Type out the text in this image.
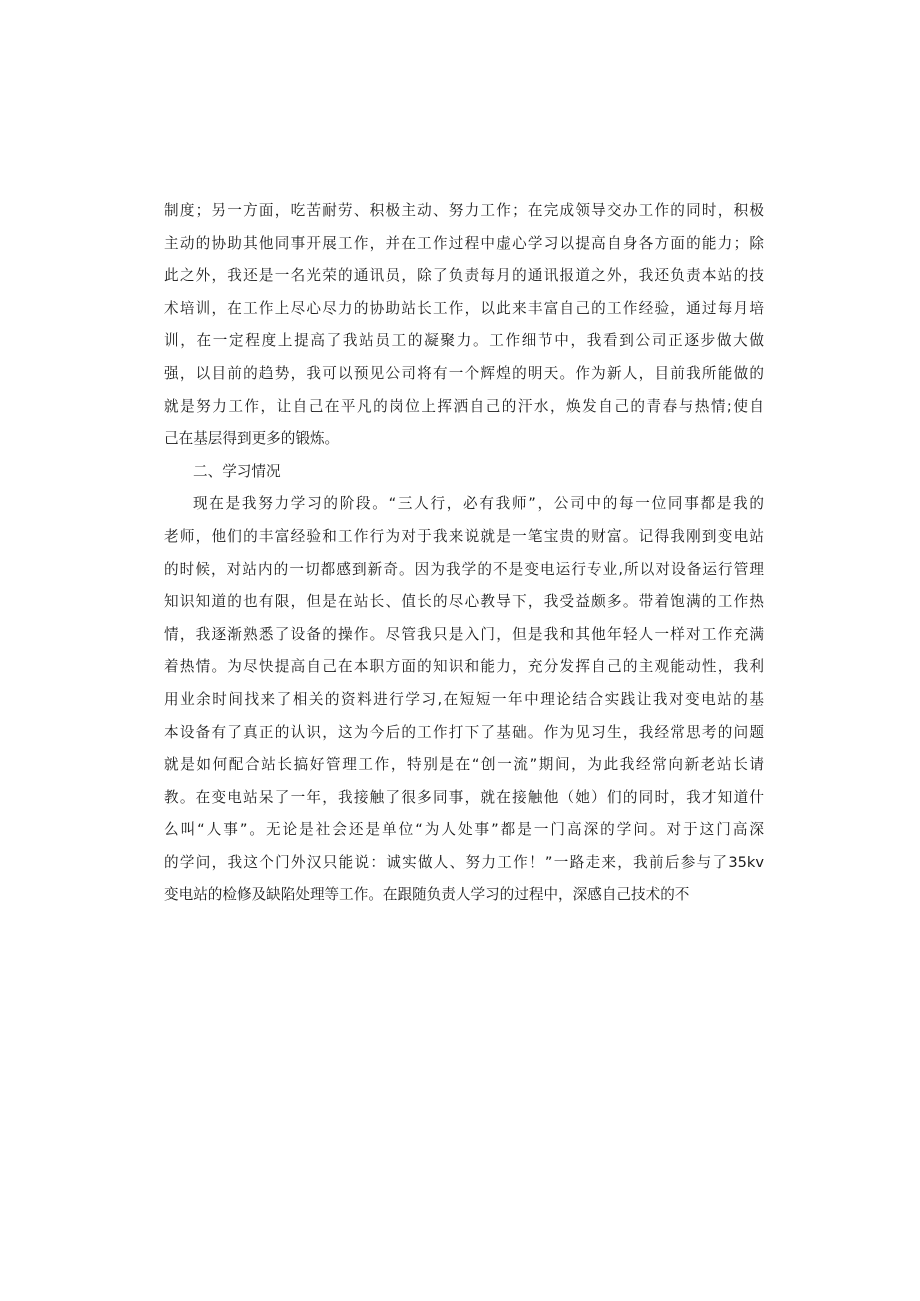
制度；另一方面，吃苦耐劳、积极主动、努力工作；在完成领导交办工作的同时，积极
主动的协助其他同事开展工作，并在工作过程中虚心学习以提高自身各方面的能力；除
此之外，我还是一名光荣的通讯员，除了负责每月的通讯报道之外，我还负责本站的技
术培训，在工作上尽心尽力的协助站长工作，以此来丰富自己的工作经验，通过每月培
训，在一定程度上提高了我站员工的凝聚力。工作细节中，我看到公司正逐步做大做
强，以目前的趋势，我可以预见公司将有一个辉煌的明天。作为新人，目前我所能做的
就是努力工作，让自己在平凡的岗位上挥洒自己的汗水，焕发自己的青春与热情;使自
己在基层得到更多的锻炼。
二、学习情况
现在是我努力学习的阶段。“三人行，必有我师”，公司中的每一位同事都是我的
老师，他们的丰富经验和工作行为对于我来说就是一笔宝贵的财富。记得我刚到变电站
的时候，对站内的一切都感到新奇。因为我学的不是变电运行专业,所以对设备运行管理
知识知道的也有限，但是在站长、值长的尽心教导下，我受益颇多。带着饱满的工作热
情，我逐渐熟悉了设备的操作。尽管我只是入门，但是我和其他年轻人一样对工作充满
着热情。为尽快提高自己在本职方面的知识和能力，充分发挥自己的主观能动性，我利
用业余时间找来了相关的资料进行学习,在短短一年中理论结合实践让我对变电站的基
本设备有了真正的认识，这为今后的工作打下了基础。作为见习生，我经常思考的问题
就是如何配合站长搞好管理工作，特别是在“创一流”期间，为此我经常向新老站长请
教。在变电站呆了一年，我接触了很多同事，就在接触他（她）们的同时，我才知道什
么叫“人事”。无论是社会还是单位“为人处事”都是一门高深的学问。对于这门高深
的学问，我这个门外汉只能说：诚实做人、努力工作！”一路走来，我前后参与了35kv
变电站的检修及缺陷处理等工作。在跟随负责人学习的过程中，深感自己技术的不
